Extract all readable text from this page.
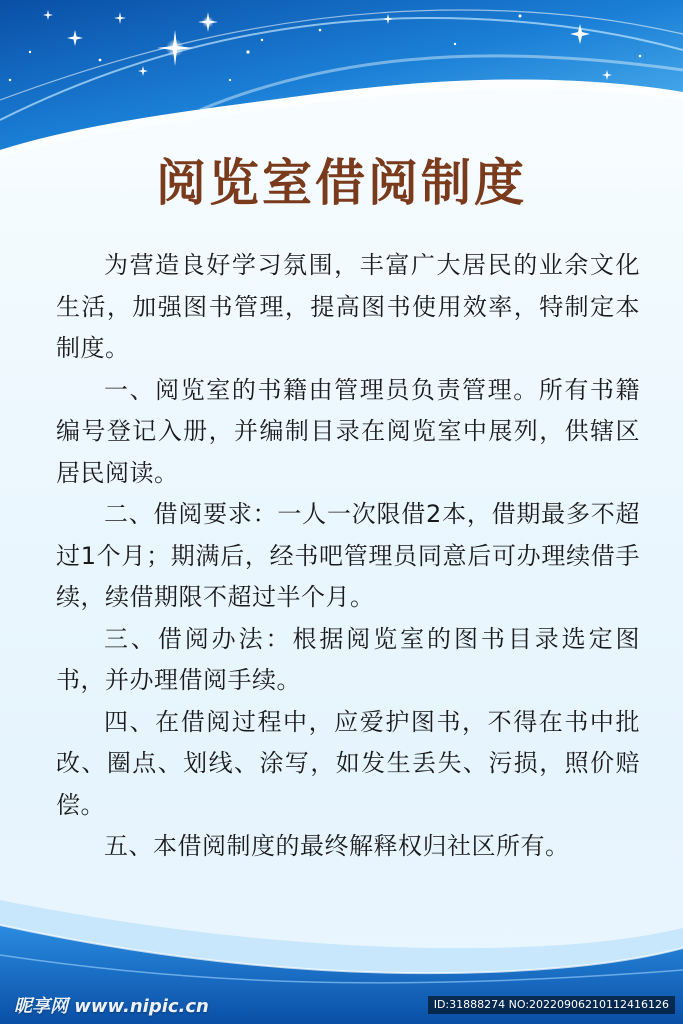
阅览室借阅制度

为营造良好学习氛围，丰富广大居民的业余文化生活，加强图书管理，提高图书使用效率，特制定本制度。

一、阅览室的书籍由管理员负责管理。所有书籍编号登记入册，并编制目录在阅览室中展列，供辖区居民阅读。

二、借阅要求：一人一次限借2本，借期最多不超过1个月；期满后，经书吧管理员同意后可办理续借手续，续借期限不超过半个月。

三、借阅办法：根据阅览室的图书目录选定图书，并办理借阅手续。

四、在借阅过程中，应爱护图书，不得在书中批改、圈点、划线、涂写，如发生丢失、污损，照价赔偿。

五、本借阅制度的最终解释权归社区所有。

昵享网 www.nipic.cn	ID:31888274 NO:20220906210112416126
